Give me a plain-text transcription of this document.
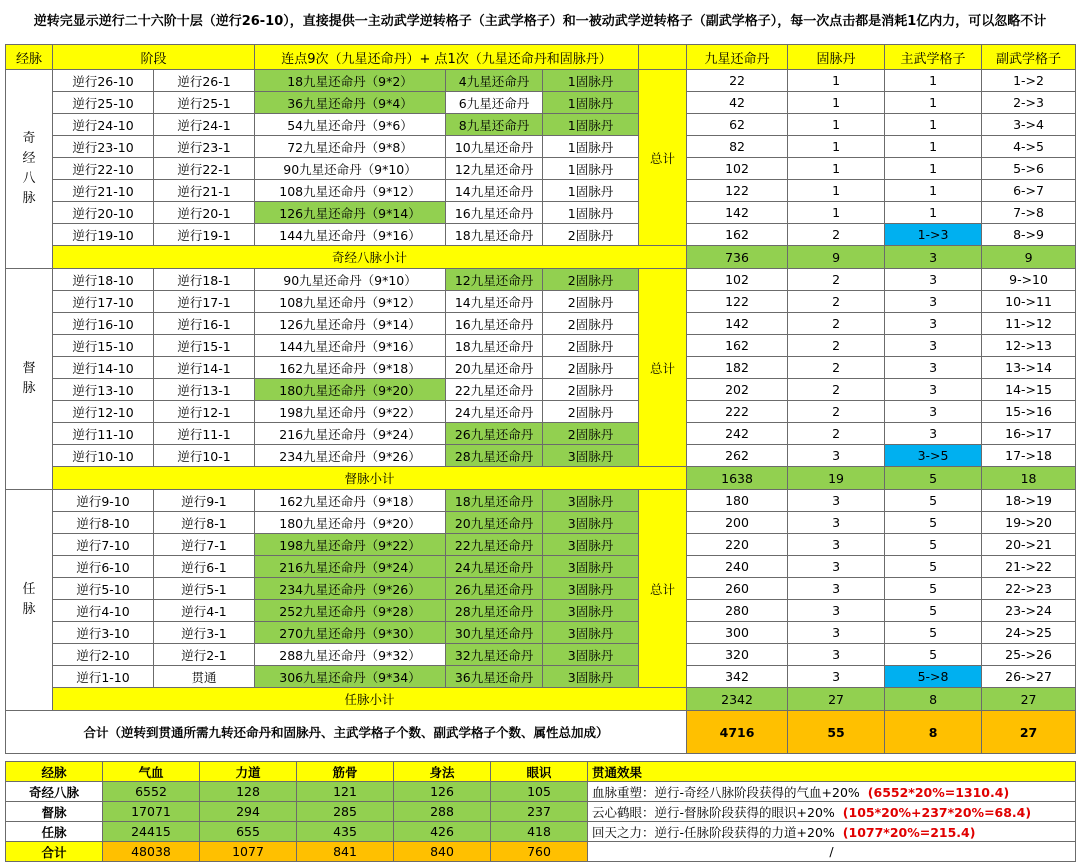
逆转完显示逆行二十六阶十层（逆行26-10），直接提供一主动武学逆转格子（主武学格子）和一被动武学逆转格子（副武学格子），每一次点击都是消耗1亿内力，可以忽略不计
经脉	阶段		连点9次（九星还命丹）+ 点1次（九星还命丹和固脉丹）				九星还命丹	固脉丹	主武学格子	副武学格子
奇经八脉	逆行26-10	逆行26-1	18九星还命丹（9*2）	4九星还命丹	1固脉丹	总计	22	1	1	1->2
	逆行25-10	逆行25-1	36九星还命丹（9*4）	6九星还命丹	1固脉丹		42	1	1	2->3
	逆行24-10	逆行24-1	54九星还命丹（9*6）	8九星还命丹	1固脉丹		62	1	1	3->4
	逆行23-10	逆行23-1	72九星还命丹（9*8）	10九星还命丹	1固脉丹		82	1	1	4->5
	逆行22-10	逆行22-1	90九星还命丹（9*10）	12九星还命丹	1固脉丹		102	1	1	5->6
	逆行21-10	逆行21-1	108九星还命丹（9*12）	14九星还命丹	1固脉丹		122	1	1	6->7
	逆行20-10	逆行20-1	126九星还命丹（9*14）	16九星还命丹	1固脉丹		142	1	1	7->8
	逆行19-10	逆行19-1	144九星还命丹（9*16）	18九星还命丹	2固脉丹		162	2	1->3	8->9
	奇经八脉小计						736	9	3	9
督脉	逆行18-10	逆行18-1	90九星还命丹（9*10）	12九星还命丹	2固脉丹	总计	102	2	3	9->10
	逆行17-10	逆行17-1	108九星还命丹（9*12）	14九星还命丹	2固脉丹		122	2	3	10->11
	逆行16-10	逆行16-1	126九星还命丹（9*14）	16九星还命丹	2固脉丹		142	2	3	11->12
	逆行15-10	逆行15-1	144九星还命丹（9*16）	18九星还命丹	2固脉丹		162	2	3	12->13
	逆行14-10	逆行14-1	162九星还命丹（9*18）	20九星还命丹	2固脉丹		182	2	3	13->14
	逆行13-10	逆行13-1	180九星还命丹（9*20）	22九星还命丹	2固脉丹		202	2	3	14->15
	逆行12-10	逆行12-1	198九星还命丹（9*22）	24九星还命丹	2固脉丹		222	2	3	15->16
	逆行11-10	逆行11-1	216九星还命丹（9*24）	26九星还命丹	2固脉丹		242	2	3	16->17
	逆行10-10	逆行10-1	234九星还命丹（9*26）	28九星还命丹	3固脉丹		262	3	3->5	17->18
	督脉小计						1638	19	5	18
任脉	逆行9-10	逆行9-1	162九星还命丹（9*18）	18九星还命丹	3固脉丹	总计	180	3	5	18->19
	逆行8-10	逆行8-1	180九星还命丹（9*20）	20九星还命丹	3固脉丹		200	3	5	19->20
	逆行7-10	逆行7-1	198九星还命丹（9*22）	22九星还命丹	3固脉丹		220	3	5	20->21
	逆行6-10	逆行6-1	216九星还命丹（9*24）	24九星还命丹	3固脉丹		240	3	5	21->22
	逆行5-10	逆行5-1	234九星还命丹（9*26）	26九星还命丹	3固脉丹		260	3	5	22->23
	逆行4-10	逆行4-1	252九星还命丹（9*28）	28九星还命丹	3固脉丹		280	3	5	23->24
	逆行3-10	逆行3-1	270九星还命丹（9*30）	30九星还命丹	3固脉丹		300	3	5	24->25
	逆行2-10	逆行2-1	288九星还命丹（9*32）	32九星还命丹	3固脉丹		320	3	5	25->26
	逆行1-10	贯通	306九星还命丹（9*34）	36九星还命丹	3固脉丹		342	3	5->8	26->27
	任脉小计						2342	27	8	27
合计（逆转到贯通所需九转还命丹和固脉丹、主武学格子个数、副武学格子个数、属性总加成）							4716	55	8	27
经脉	气血	力道	筋骨	身法	眼识	贯通效果
奇经八脉	6552	128	121	126	105	血脉重塑：逆行-奇经八脉阶段获得的气血+20% (6552*20%=1310.4)
督脉	17071	294	285	288	237	云心鹤眼：逆行-督脉阶段获得的眼识+20% (105*20%+237*20%=68.4)
任脉	24415	655	435	426	418	回天之力：逆行-任脉阶段获得的力道+20% (1077*20%=215.4)
合计	48038	1077	841	840	760	/
